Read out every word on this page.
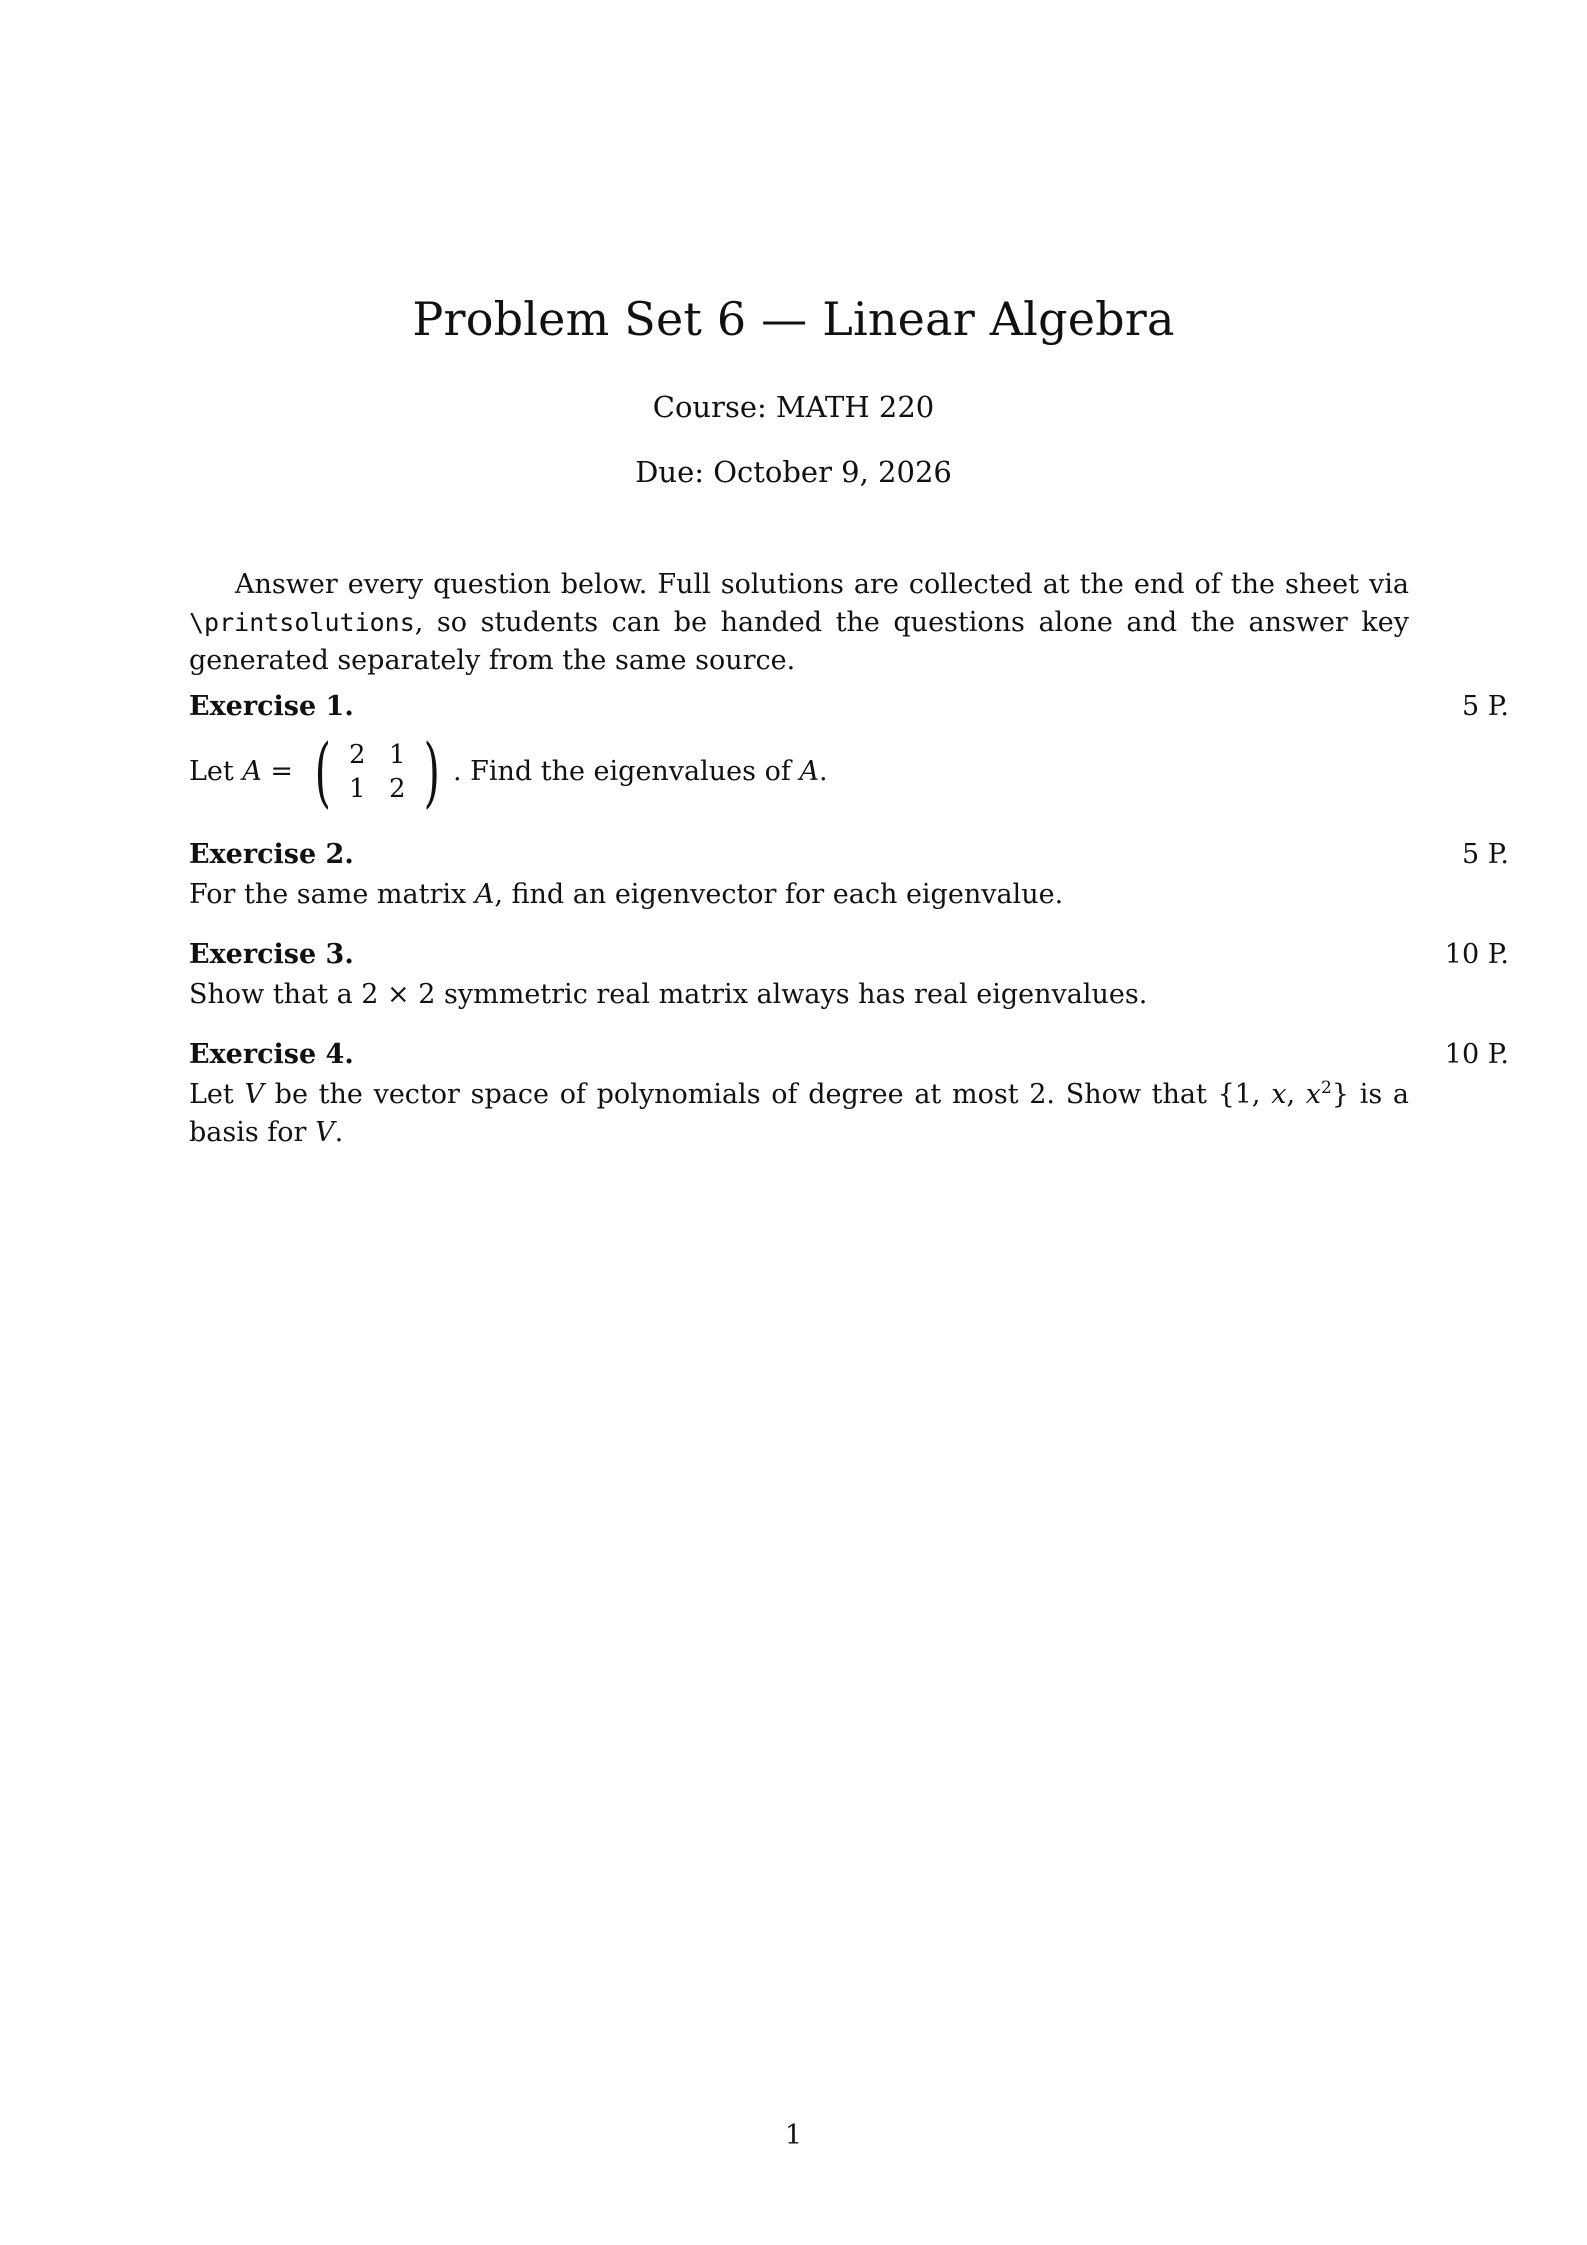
Problem Set 6 — Linear Algebra
Course: MATH 220
Due: October 9, 2026

Answer every question below. Full solutions are collected at the end of the sheet via \printsolutions, so students can be handed the questions alone and the answer key generated separately from the same source.

Exercise 1.	5 P.
Let A = ( 2 1
1 2 ) . Find the eigenvalues of A .
Exercise 2.	5 P.

For the same matrix A, find an eigenvector for each eigenvalue.

Exercise 3.	10 P.

Show that a 2 × 2 symmetric real matrix always has real eigenvalues.

Exercise 4.	10 P.

Let V be the vector space of polynomials of degree at most 2. Show that {1, x, $x^2$} is a basis for V.

1
